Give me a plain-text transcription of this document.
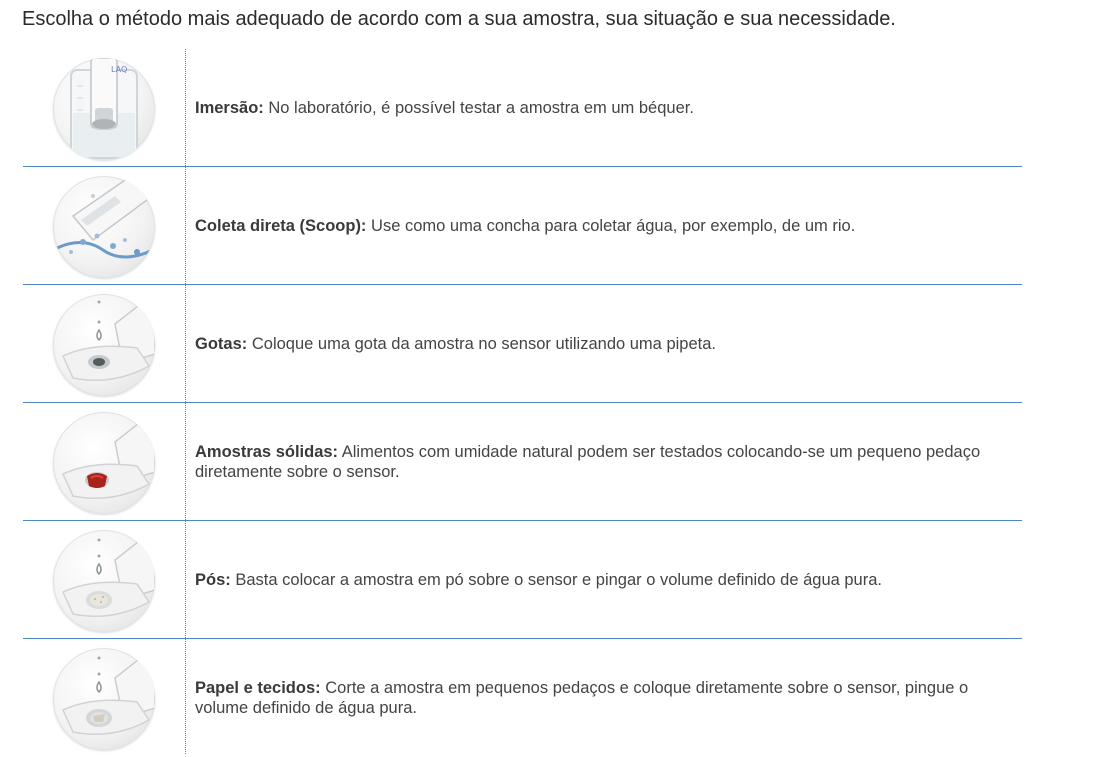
Escolha o método mais adequado de acordo com a sua amostra, sua situação e sua necessidade.
LAQ
Imersão: No laboratório, é possível testar a amostra em um béquer.
Coleta direta (Scoop): Use como uma concha para coletar água, por exemplo, de um rio.
Gotas: Coloque uma gota da amostra no sensor utilizando uma pipeta.
Amostras sólidas: Alimentos com umidade natural podem ser testados colocando-se um pequeno pedaço diretamente sobre o sensor.
Pós: Basta colocar a amostra em pó sobre o sensor e pingar o volume definido de água pura.
Papel e tecidos: Corte a amostra em pequenos pedaços e coloque diretamente sobre o sensor, pingue o volume definido de água pura.
